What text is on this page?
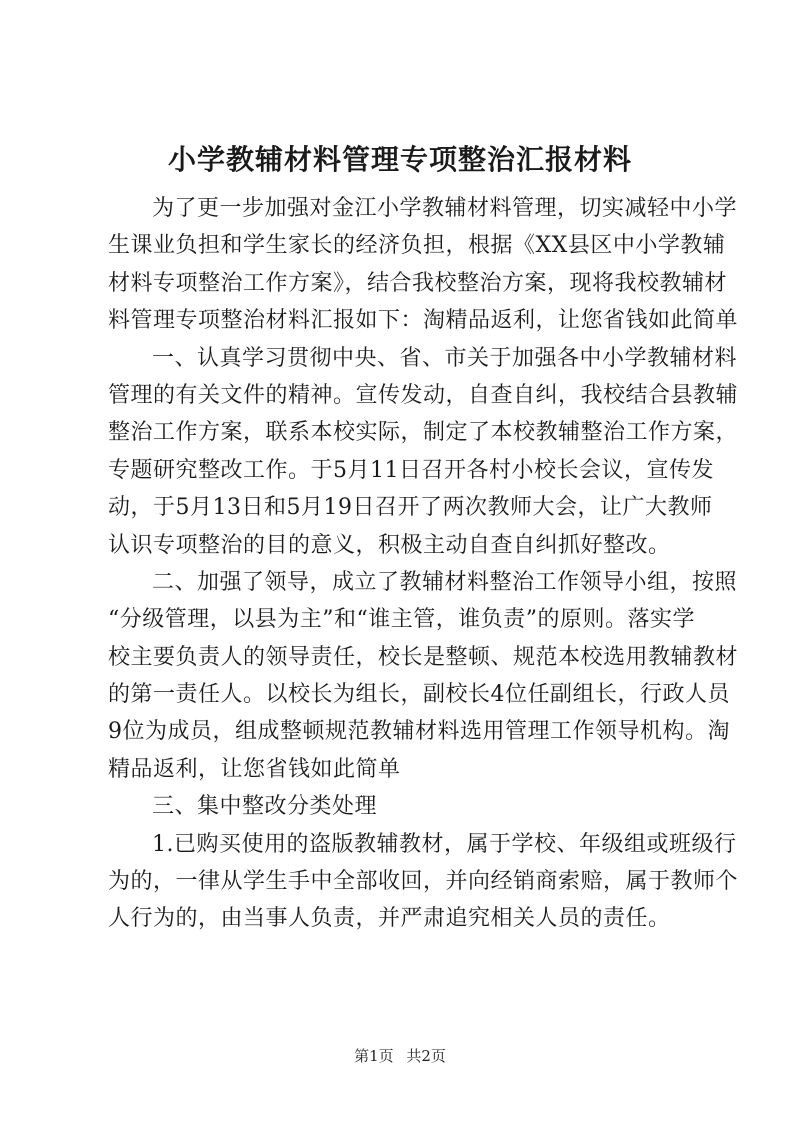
小学教辅材料管理专项整治汇报材料
为了更一步加强对金江小学教辅材料管理，切实减轻中小学
生课业负担和学生家长的经济负担，根据《XX县区中小学教辅
材料专项整治工作方案》，结合我校整治方案，现将我校教辅材
料管理专项整治材料汇报如下：淘精品返利，让您省钱如此简单
一、认真学习贯彻中央、省、市关于加强各中小学教辅材料
管理的有关文件的精神。宣传发动，自查自纠，我校结合县教辅
整治工作方案，联系本校实际，制定了本校教辅整治工作方案，
专题研究整改工作。于5月11日召开各村小校长会议，宣传发
动，于5月13日和5月19日召开了两次教师大会，让广大教师
认识专项整治的目的意义，积极主动自查自纠抓好整改。
二、加强了领导，成立了教辅材料整治工作领导小组，按照
“分级管理，以县为主”和“谁主管，谁负责”的原则。落实学
校主要负责人的领导责任，校长是整顿、规范本校选用教辅教材
的第一责任人。以校长为组长，副校长4位任副组长，行政人员
9位为成员，组成整顿规范教辅材料选用管理工作领导机构。淘
精品返利，让您省钱如此简单
三、集中整改分类处理
1.已购买使用的盗版教辅教材，属于学校、年级组或班级行
为的，一律从学生手中全部收回，并向经销商索赔，属于教师个
人行为的，由当事人负责，并严肃追究相关人员的责任。
第1页 共2页
